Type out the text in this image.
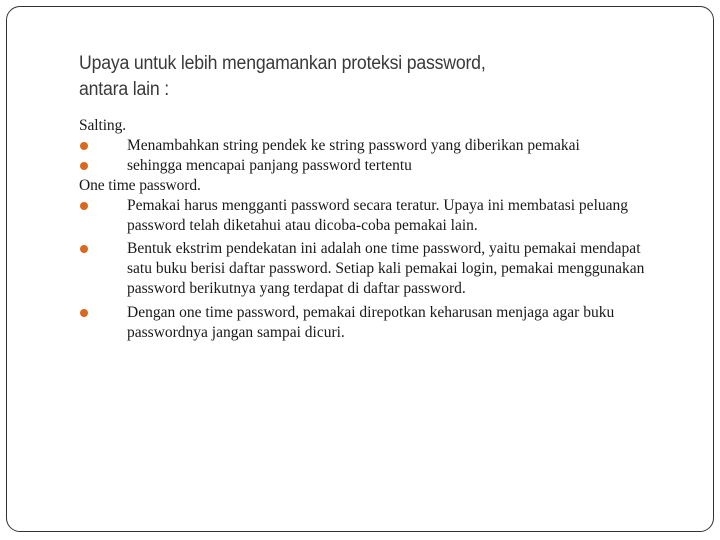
Upaya untuk lebih mengamankan proteksi password,
antara lain :

Salting.

Menambahkan string pendek ke string password yang diberikan pemakai
sehingga mencapai panjang password tertentu

One time password.

Pemakai harus mengganti password secara teratur. Upaya ini membatasi peluang password telah diketahui atau dicoba-coba pemakai lain.
Bentuk ekstrim pendekatan ini adalah one time password, yaitu pemakai mendapat satu buku berisi daftar password. Setiap kali pemakai login, pemakai menggunakan password berikutnya yang terdapat di daftar password.
Dengan one time password, pemakai direpotkan keharusan menjaga agar buku passwordnya jangan sampai dicuri.
